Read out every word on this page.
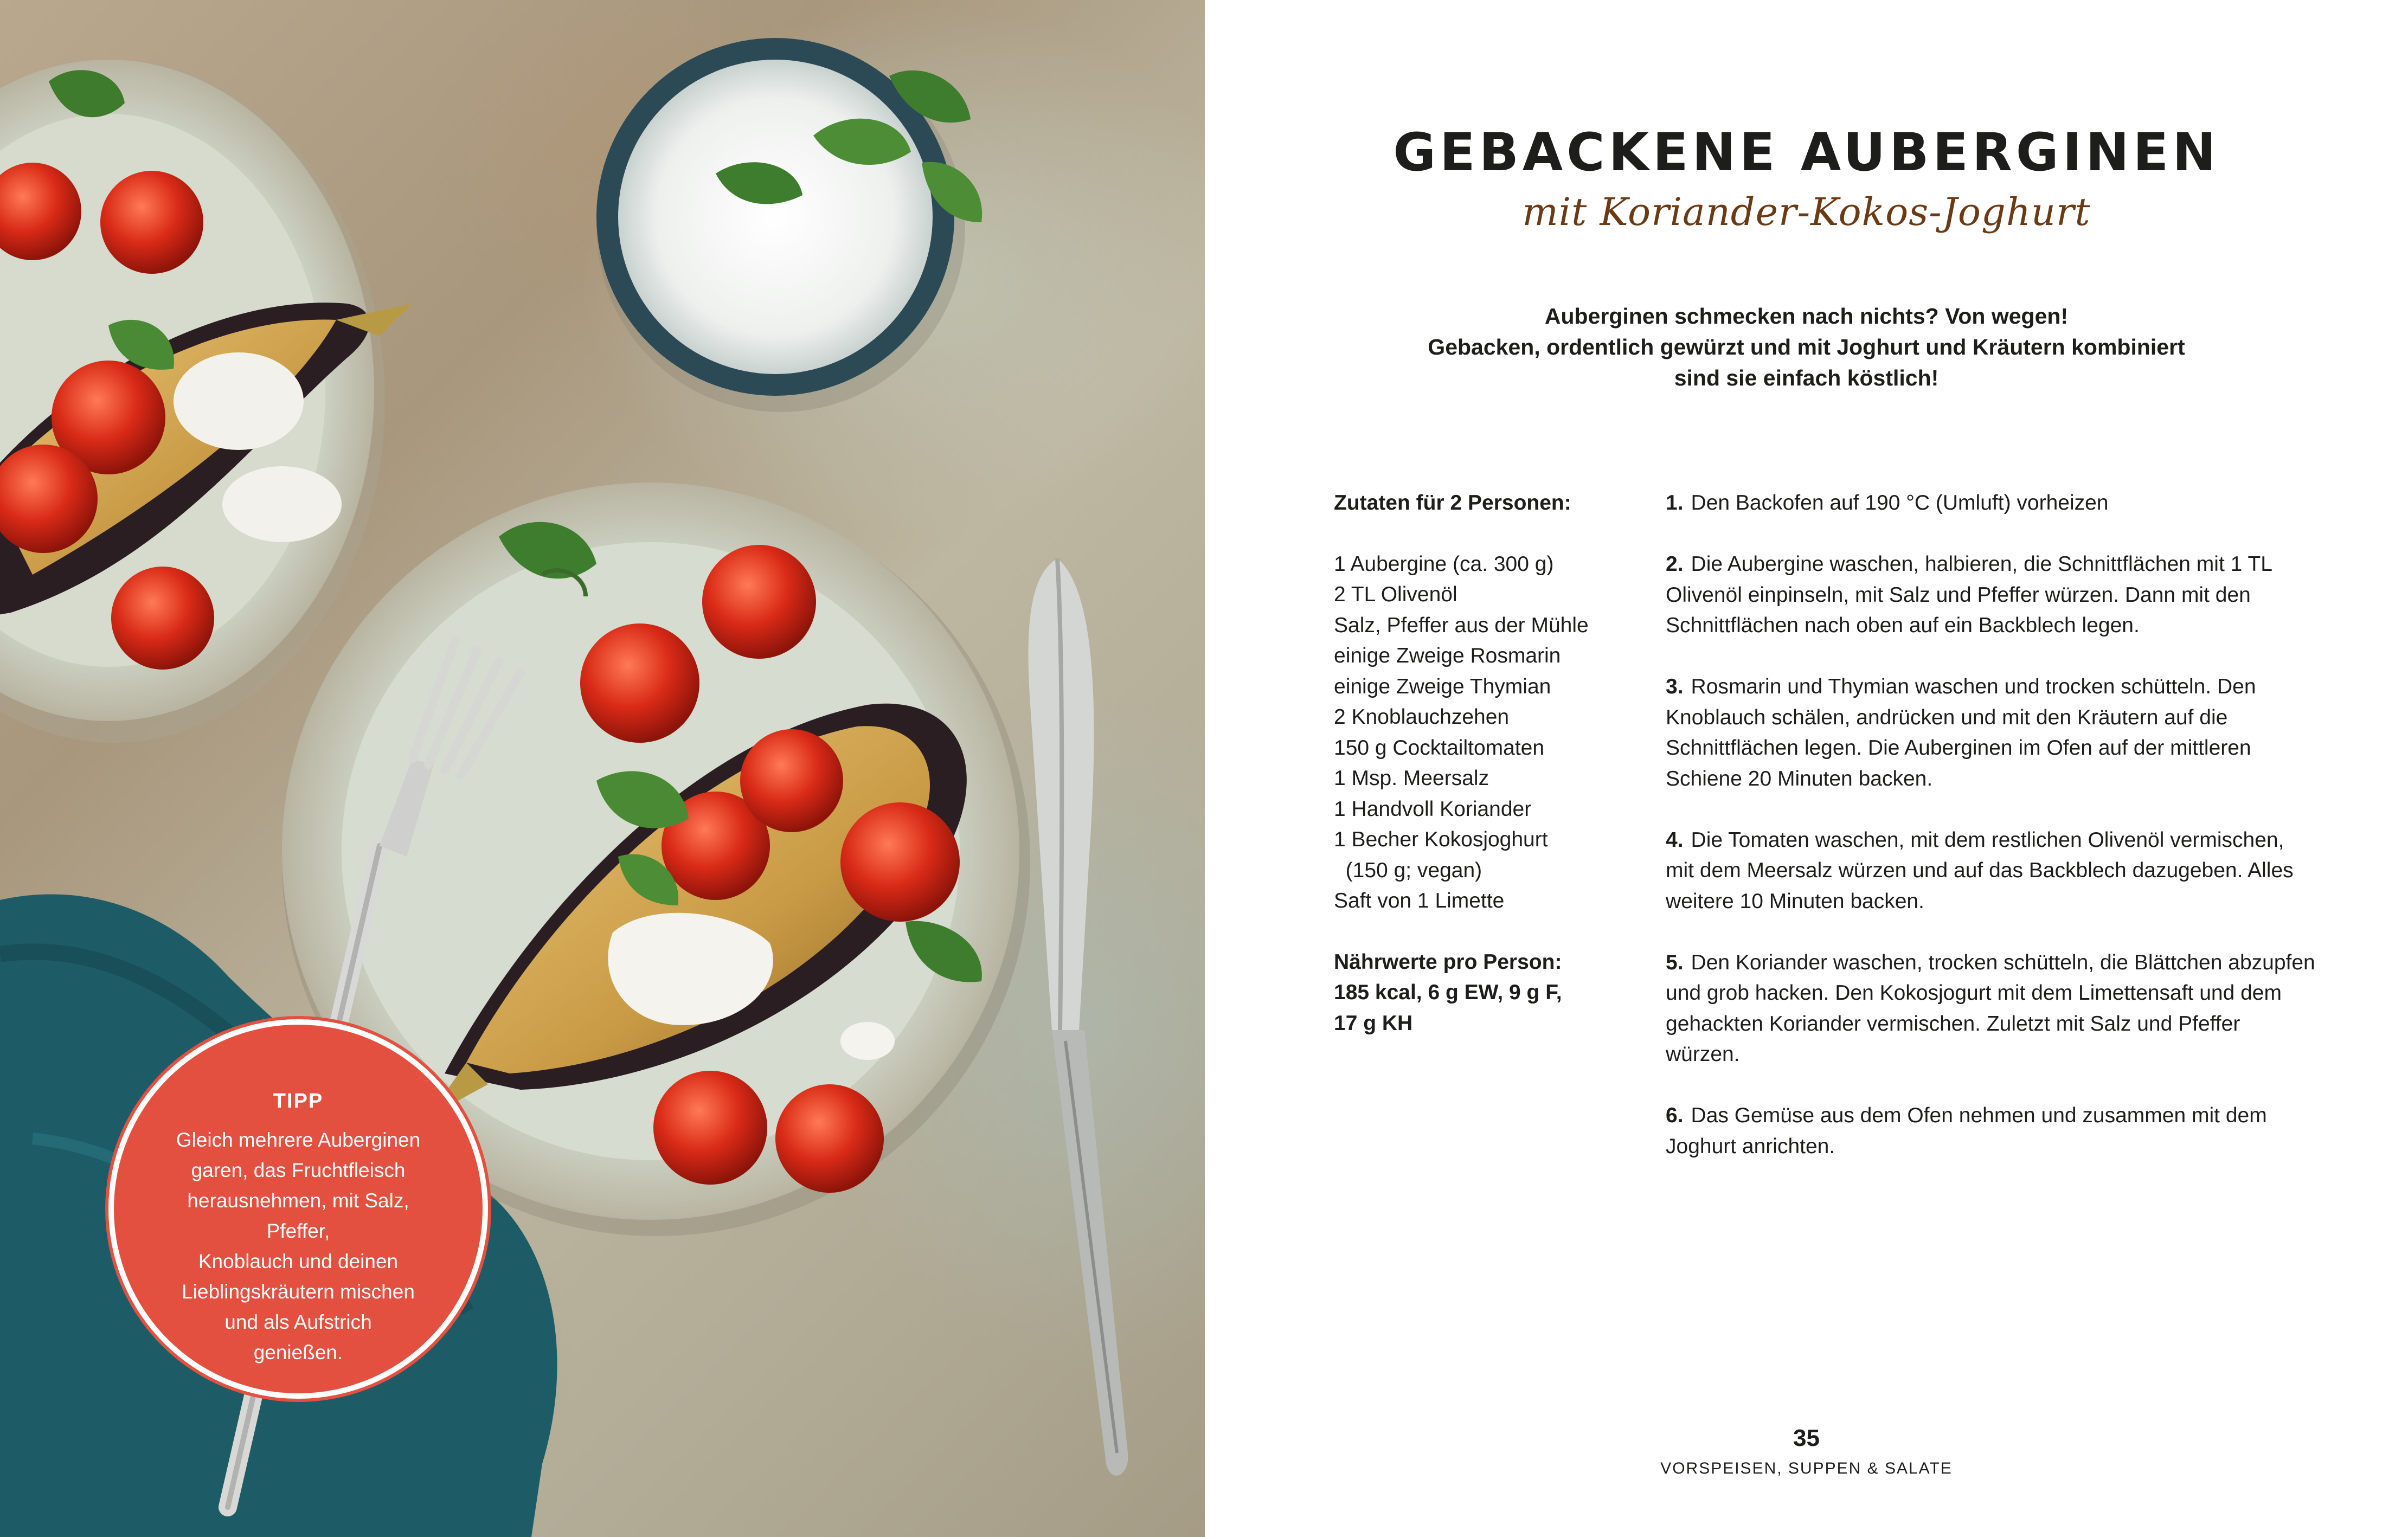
TIPP
Gleich mehrere Auberginen
garen, das Fruchtfleisch
herausnehmen, mit Salz, Pfeffer,
Knoblauch und deinen
Lieblingskräutern mischen
und als Aufstrich
genießen.
GEBACKENE AUBERGINEN
mit Koriander-Kokos-Joghurt
Auberginen schmecken nach nichts? Von wegen!
Gebacken, ordentlich gewürzt und mit Joghurt und Kräutern kombiniert
sind sie einfach köstlich!
Zutaten für 2 Personen:
1 Aubergine (ca. 300 g)
2 TL Olivenöl
Salz, Pfeffer aus der Mühle
einige Zweige Rosmarin
einige Zweige Thymian
2 Knoblauchzehen
150 g Cocktailtomaten
1 Msp. Meersalz
1 Handvoll Koriander
1 Becher Kokosjoghurt
(150 g; vegan)
Saft von 1 Limette
Nährwerte pro Person:
185 kcal, 6 g EW, 9 g F,
17 g KH

1. Den Backofen auf 190 °C (Umluft) vorheizen

2. Die Aubergine waschen, halbieren, die Schnittflächen mit 1 TL Olivenöl einpinseln, mit Salz und Pfeffer würzen. Dann mit den Schnittflächen nach oben auf ein Backblech legen.

3. Rosmarin und Thymian waschen und trocken schütteln. Den Knoblauch schälen, andrücken und mit den Kräutern auf die Schnittflächen legen. Die Auberginen im Ofen auf der mittleren Schiene 20 Minuten backen.

4. Die Tomaten waschen, mit dem restlichen Olivenöl vermischen, mit dem Meersalz würzen und auf das Backblech dazugeben. Alles weitere 10 Minuten backen.

5. Den Koriander waschen, trocken schütteln, die Blättchen abzupfen und grob hacken. Den Kokosjogurt mit dem Limettensaft und dem gehackten Koriander vermischen. Zuletzt mit Salz und Pfeffer würzen.

6. Das Gemüse aus dem Ofen nehmen und zusammen mit dem Joghurt anrichten.

35
VORSPEISEN, SUPPEN & SALATE
